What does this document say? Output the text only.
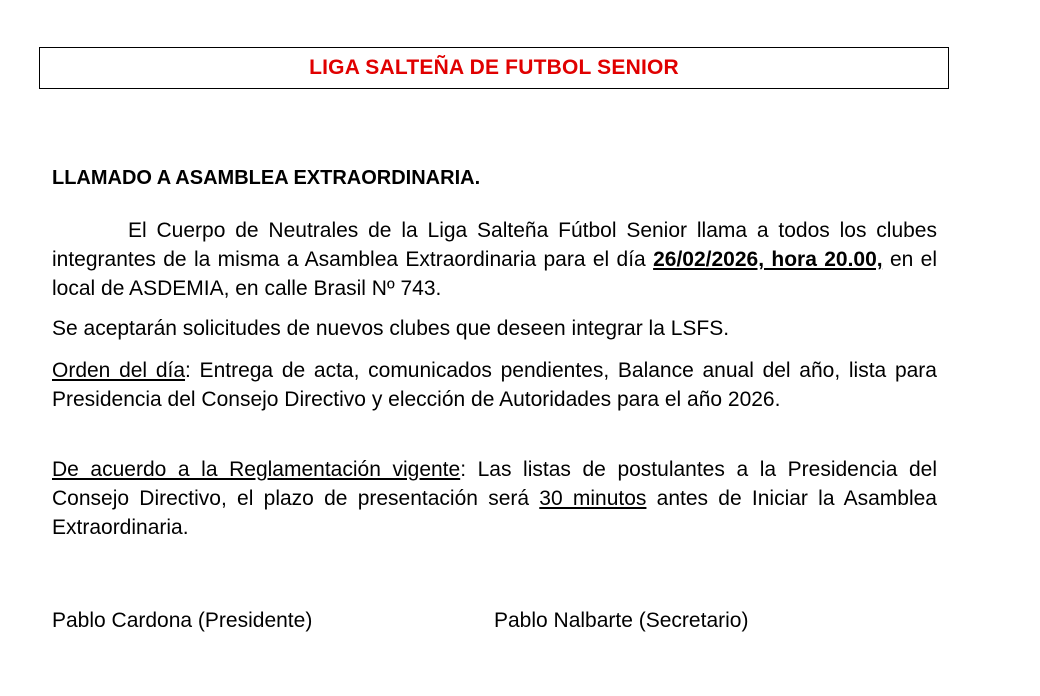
LIGA SALTEÑA DE FUTBOL SENIOR
LLAMADO A ASAMBLEA EXTRAORDINARIA.

El Cuerpo de Neutrales de la Liga Salteña Fútbol Senior llama a todos los clubes integrantes de la misma a Asamblea Extraordinaria para el día 26/02/2026, hora 20.00, en el local de ASDEMIA, en calle Brasil Nº 743.

Se aceptarán solicitudes de nuevos clubes que deseen integrar la LSFS.

Orden del día: Entrega de acta, comunicados pendientes, Balance anual del año, lista para Presidencia del Consejo Directivo y elección de Autoridades para el año 2026.

De acuerdo a la Reglamentación vigente: Las listas de postulantes a la Presidencia del Consejo Directivo, el plazo de presentación será 30 minutos antes de Iniciar la Asamblea Extraordinaria.

Pablo Cardona (Presidente)	Pablo Nalbarte (Secretario)
